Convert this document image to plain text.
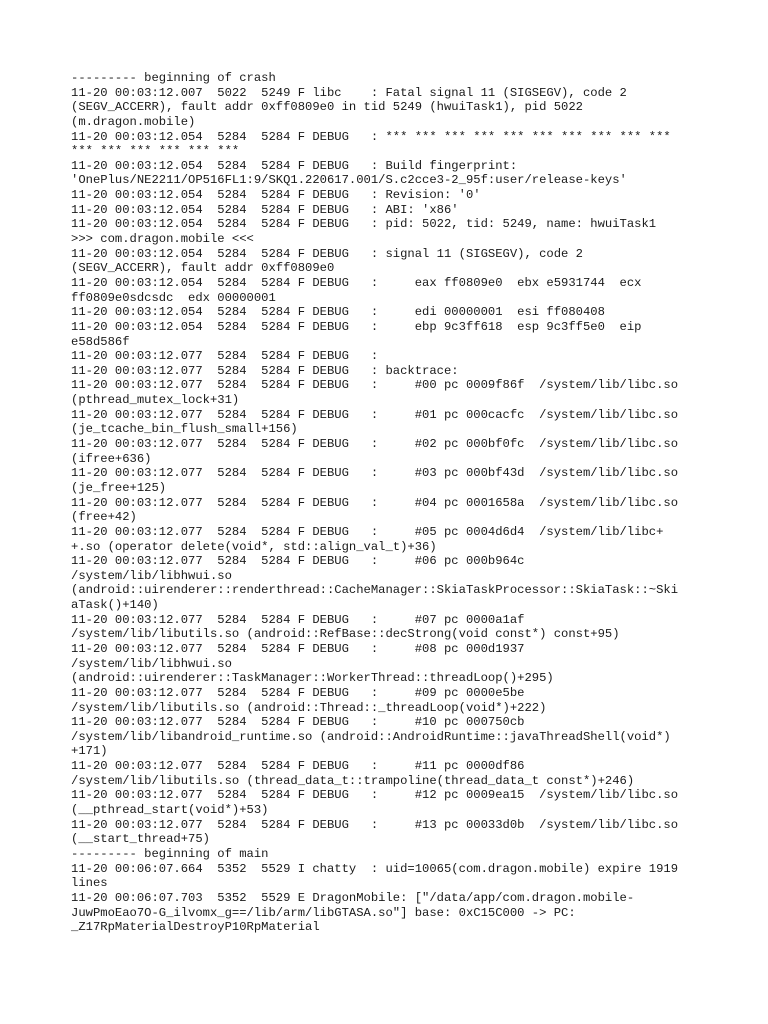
--------- beginning of crash
11-20 00:03:12.007  5022  5249 F libc    : Fatal signal 11 (SIGSEGV), code 2
(SEGV_ACCERR), fault addr 0xff0809e0 in tid 5249 (hwuiTask1), pid 5022
(m.dragon.mobile)
11-20 00:03:12.054  5284  5284 F DEBUG   : *** *** *** *** *** *** *** *** *** ***
*** *** *** *** *** ***
11-20 00:03:12.054  5284  5284 F DEBUG   : Build fingerprint:
'OnePlus/NE2211/OP516FL1:9/SKQ1.220617.001/S.c2cce3-2_95f:user/release-keys'
11-20 00:03:12.054  5284  5284 F DEBUG   : Revision: '0'
11-20 00:03:12.054  5284  5284 F DEBUG   : ABI: 'x86'
11-20 00:03:12.054  5284  5284 F DEBUG   : pid: 5022, tid: 5249, name: hwuiTask1
>>> com.dragon.mobile <<<
11-20 00:03:12.054  5284  5284 F DEBUG   : signal 11 (SIGSEGV), code 2
(SEGV_ACCERR), fault addr 0xff0809e0
11-20 00:03:12.054  5284  5284 F DEBUG   :     eax ff0809e0  ebx e5931744  ecx
ff0809e0sdcsdc  edx 00000001
11-20 00:03:12.054  5284  5284 F DEBUG   :     edi 00000001  esi ff080408
11-20 00:03:12.054  5284  5284 F DEBUG   :     ebp 9c3ff618  esp 9c3ff5e0  eip
e58d586f
11-20 00:03:12.077  5284  5284 F DEBUG   :
11-20 00:03:12.077  5284  5284 F DEBUG   : backtrace:
11-20 00:03:12.077  5284  5284 F DEBUG   :     #00 pc 0009f86f  /system/lib/libc.so
(pthread_mutex_lock+31)
11-20 00:03:12.077  5284  5284 F DEBUG   :     #01 pc 000cacfc  /system/lib/libc.so
(je_tcache_bin_flush_small+156)
11-20 00:03:12.077  5284  5284 F DEBUG   :     #02 pc 000bf0fc  /system/lib/libc.so
(ifree+636)
11-20 00:03:12.077  5284  5284 F DEBUG   :     #03 pc 000bf43d  /system/lib/libc.so
(je_free+125)
11-20 00:03:12.077  5284  5284 F DEBUG   :     #04 pc 0001658a  /system/lib/libc.so
(free+42)
11-20 00:03:12.077  5284  5284 F DEBUG   :     #05 pc 0004d6d4  /system/lib/libc+
+.so (operator delete(void*, std::align_val_t)+36)
11-20 00:03:12.077  5284  5284 F DEBUG   :     #06 pc 000b964c
/system/lib/libhwui.so
(android::uirenderer::renderthread::CacheManager::SkiaTaskProcessor::SkiaTask::~Ski
aTask()+140)
11-20 00:03:12.077  5284  5284 F DEBUG   :     #07 pc 0000a1af
/system/lib/libutils.so (android::RefBase::decStrong(void const*) const+95)
11-20 00:03:12.077  5284  5284 F DEBUG   :     #08 pc 000d1937
/system/lib/libhwui.so
(android::uirenderer::TaskManager::WorkerThread::threadLoop()+295)
11-20 00:03:12.077  5284  5284 F DEBUG   :     #09 pc 0000e5be
/system/lib/libutils.so (android::Thread::_threadLoop(void*)+222)
11-20 00:03:12.077  5284  5284 F DEBUG   :     #10 pc 000750cb
/system/lib/libandroid_runtime.so (android::AndroidRuntime::javaThreadShell(void*)
+171)
11-20 00:03:12.077  5284  5284 F DEBUG   :     #11 pc 0000df86
/system/lib/libutils.so (thread_data_t::trampoline(thread_data_t const*)+246)
11-20 00:03:12.077  5284  5284 F DEBUG   :     #12 pc 0009ea15  /system/lib/libc.so
(__pthread_start(void*)+53)
11-20 00:03:12.077  5284  5284 F DEBUG   :     #13 pc 00033d0b  /system/lib/libc.so
(__start_thread+75)
--------- beginning of main
11-20 00:06:07.664  5352  5529 I chatty  : uid=10065(com.dragon.mobile) expire 1919
lines
11-20 00:06:07.703  5352  5529 E DragonMobile: ["/data/app/com.dragon.mobile-
JuwPmoEao7O-G_ilvomx_g==/lib/arm/libGTASA.so"] base: 0xC15C000 -> PC:
_Z17RpMaterialDestroyP10RpMaterial
